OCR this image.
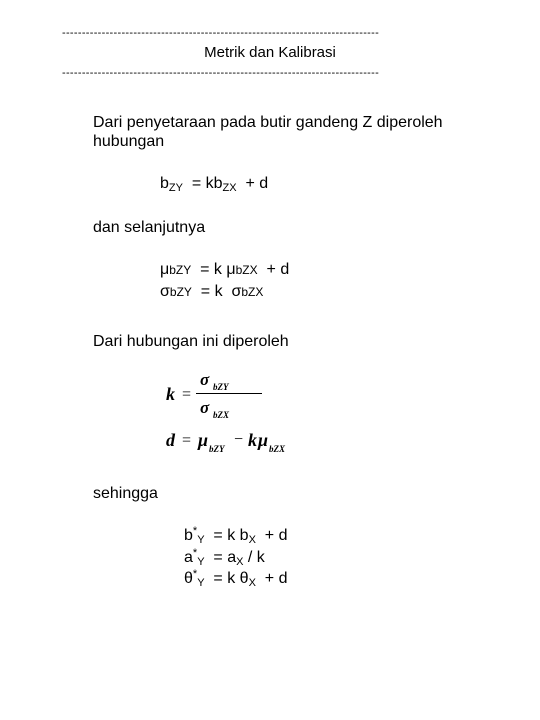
--------------------------------------------------------------------------------
Metrik dan Kalibrasi
--------------------------------------------------------------------------------
Dari penyetaraan pada butir gandeng Z diperoleh hubungan
$b_{ZY} = kb_{ZX} + d$
dan selanjutnya
μbZY = k μbZX + d
σbZY = k σbZX
Dari hubungan ini diperoleh
k =
σ bZY
σ bZX
d = μ bZY
− k μ bZX
sehingga
$b^*_Y = k$ $b_X + d$
$a^*_Y = a_X / k$
$\theta^*_Y = k$ $\theta_X + d$
